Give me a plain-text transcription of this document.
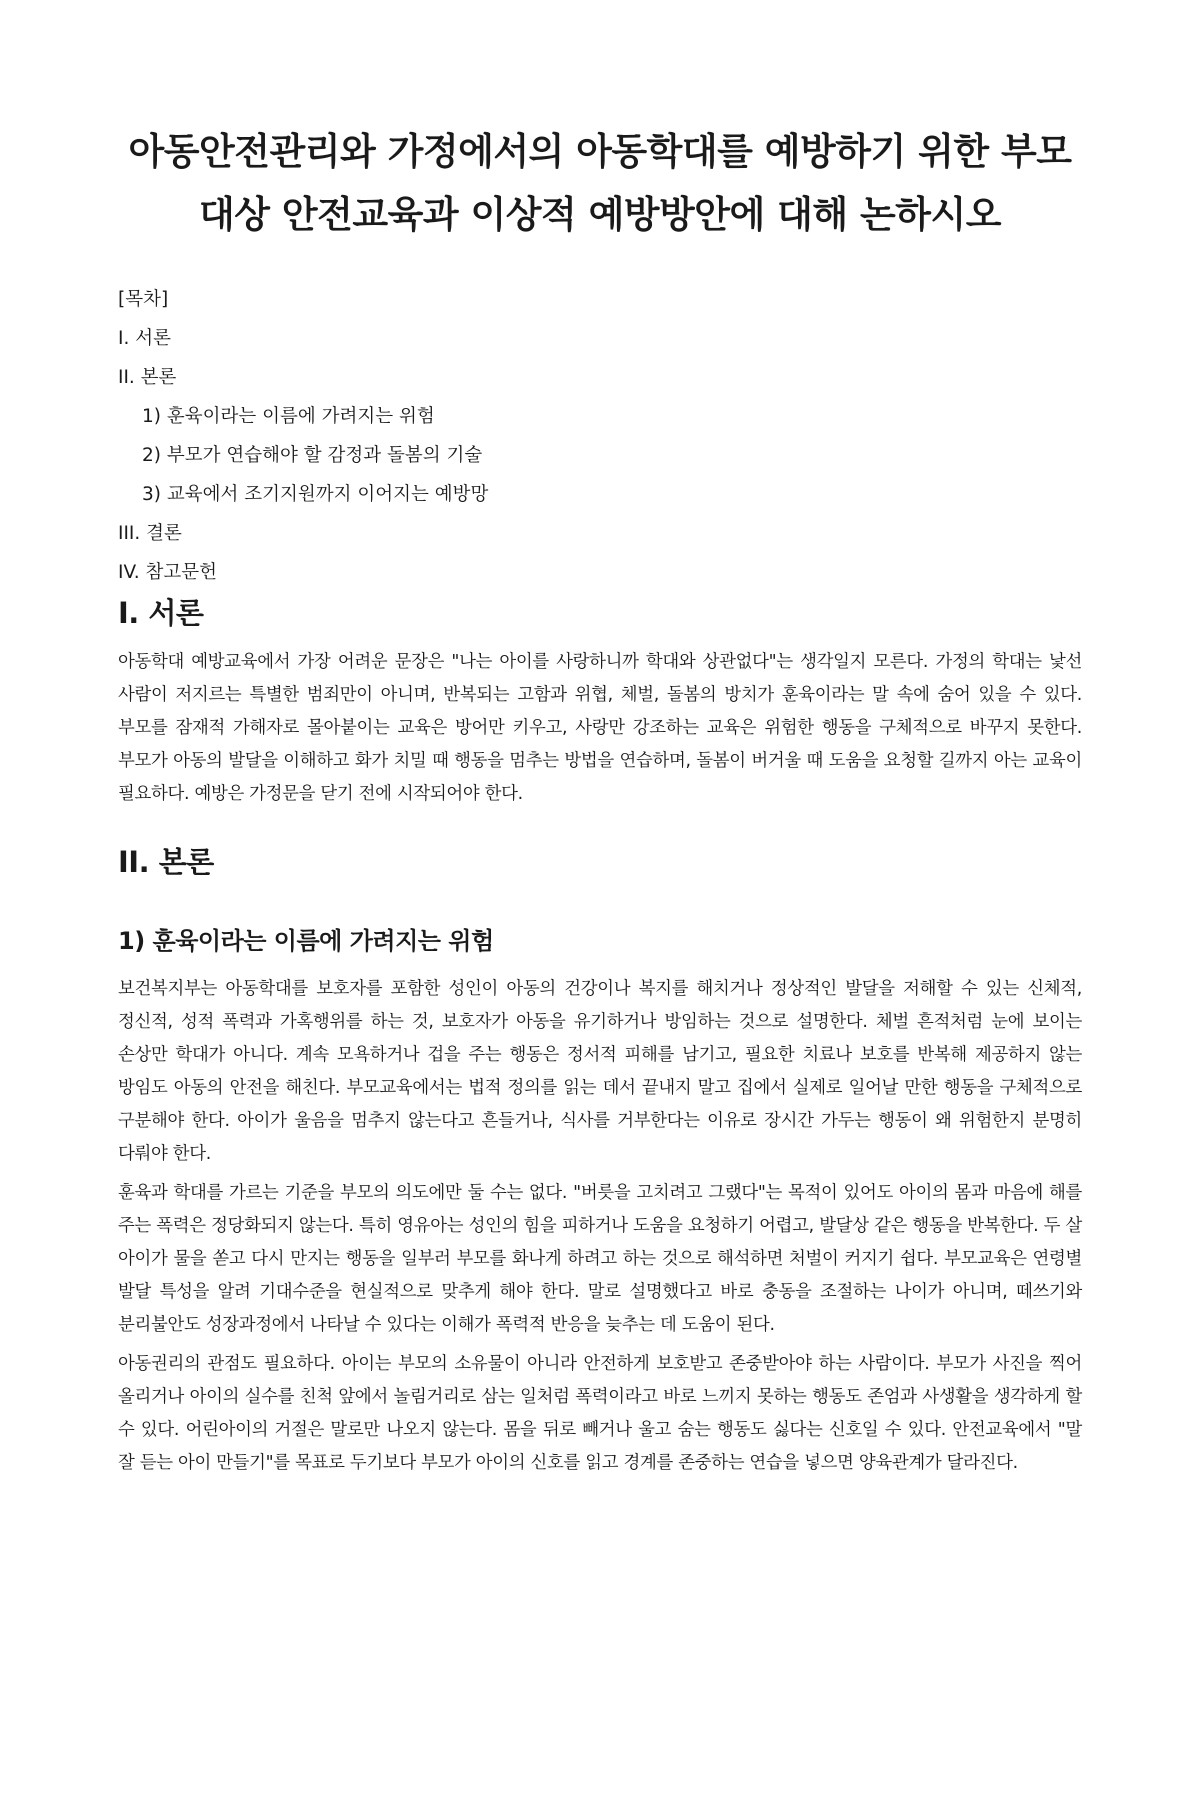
아동안전관리와 가정에서의 아동학대를 예방하기 위한 부모대상 안전교육과 이상적 예방방안에 대해 논하시오
[목차]
I. 서론
II. 본론
1) 훈육이라는 이름에 가려지는 위험
2) 부모가 연습해야 할 감정과 돌봄의 기술
3) 교육에서 조기지원까지 이어지는 예방망
III. 결론
IV. 참고문헌
I. 서론

아동학대 예방교육에서 가장 어려운 문장은 "나는 아이를 사랑하니까 학대와 상관없다"는 생각일지 모른다. 가정의 학대는 낯선 사람이 저지르는 특별한 범죄만이 아니며, 반복되는 고함과 위협, 체벌, 돌봄의 방치가 훈육이라는 말 속에 숨어 있을 수 있다. 부모를 잠재적 가해자로 몰아붙이는 교육은 방어만 키우고, 사랑만 강조하는 교육은 위험한 행동을 구체적으로 바꾸지 못한다. 부모가 아동의 발달을 이해하고 화가 치밀 때 행동을 멈추는 방법을 연습하며, 돌봄이 버거울 때 도움을 요청할 길까지 아는 교육이 필요하다. 예방은 가정문을 닫기 전에 시작되어야 한다.

II. 본론
1) 훈육이라는 이름에 가려지는 위험

보건복지부는 아동학대를 보호자를 포함한 성인이 아동의 건강이나 복지를 해치거나 정상적인 발달을 저해할 수 있는 신체적, 정신적, 성적 폭력과 가혹행위를 하는 것, 보호자가 아동을 유기하거나 방임하는 것으로 설명한다. 체벌 흔적처럼 눈에 보이는 손상만 학대가 아니다. 계속 모욕하거나 겁을 주는 행동은 정서적 피해를 남기고, 필요한 치료나 보호를 반복해 제공하지 않는 방임도 아동의 안전을 해친다. 부모교육에서는 법적 정의를 읽는 데서 끝내지 말고 집에서 실제로 일어날 만한 행동을 구체적으로 구분해야 한다. 아이가 울음을 멈추지 않는다고 흔들거나, 식사를 거부한다는 이유로 장시간 가두는 행동이 왜 위험한지 분명히 다뤄야 한다.

훈육과 학대를 가르는 기준을 부모의 의도에만 둘 수는 없다. "버릇을 고치려고 그랬다"는 목적이 있어도 아이의 몸과 마음에 해를 주는 폭력은 정당화되지 않는다. 특히 영유아는 성인의 힘을 피하거나 도움을 요청하기 어렵고, 발달상 같은 행동을 반복한다. 두 살 아이가 물을 쏟고 다시 만지는 행동을 일부러 부모를 화나게 하려고 하는 것으로 해석하면 처벌이 커지기 쉽다. 부모교육은 연령별 발달 특성을 알려 기대수준을 현실적으로 맞추게 해야 한다. 말로 설명했다고 바로 충동을 조절하는 나이가 아니며, 떼쓰기와 분리불안도 성장과정에서 나타날 수 있다는 이해가 폭력적 반응을 늦추는 데 도움이 된다.

아동권리의 관점도 필요하다. 아이는 부모의 소유물이 아니라 안전하게 보호받고 존중받아야 하는 사람이다. 부모가 사진을 찍어 올리거나 아이의 실수를 친척 앞에서 놀림거리로 삼는 일처럼 폭력이라고 바로 느끼지 못하는 행동도 존엄과 사생활을 생각하게 할 수 있다. 어린아이의 거절은 말로만 나오지 않는다. 몸을 뒤로 빼거나 울고 숨는 행동도 싫다는 신호일 수 있다. 안전교육에서 "말 잘 듣는 아이 만들기"를 목표로 두기보다 부모가 아이의 신호를 읽고 경계를 존중하는 연습을 넣으면 양육관계가 달라진다.
